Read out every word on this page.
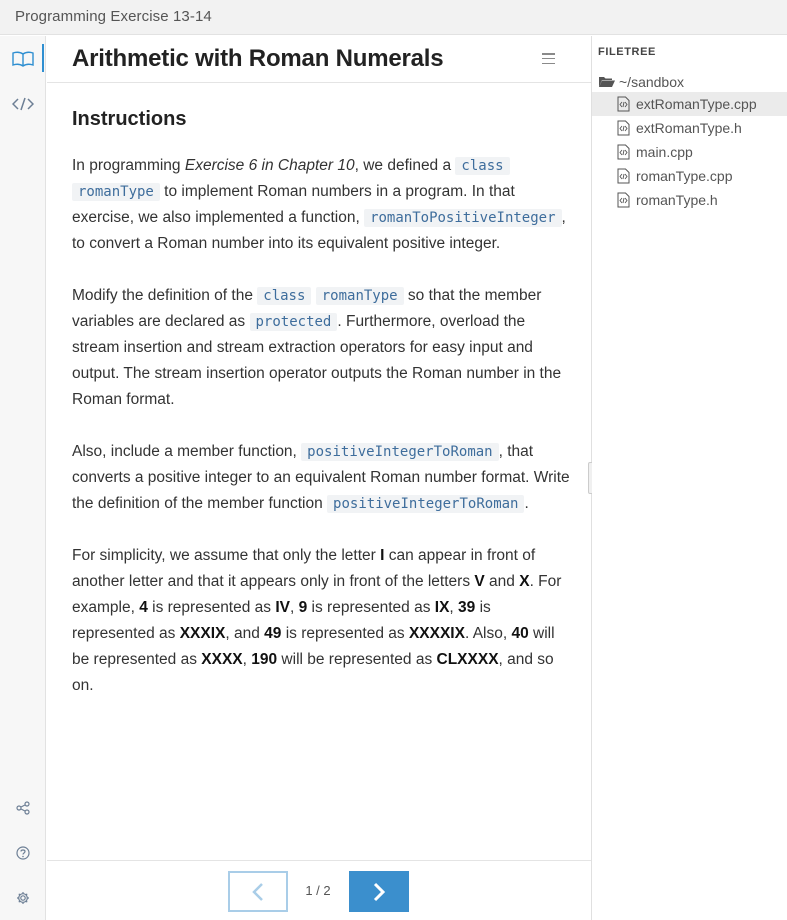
Programming Exercise 13-14
Arithmetic with Roman Numerals
Instructions

In programming Exercise 6 in Chapter 10, we defined a class romanType to implement Roman numbers in a program. In that exercise, we also implemented a function, romanToPositiveInteger , to convert a Roman number into its equivalent positive integer.

Modify the definition of the class romanType so that the member variables are declared as protected . Furthermore, overload the stream insertion and stream extraction operators for easy input and output. The stream insertion operator outputs the Roman number in the Roman format.

Also, include a member function, positiveIntegerToRoman , that converts a positive integer to an equivalent Roman number format. Write the definition of the member function positiveIntegerToRoman .

For simplicity, we assume that only the letter I can appear in front of another letter and that it appears only in front of the letters V and X. For example, 4 is represented as IV, 9 is represented as IX, 39 is represented as XXXIX, and 49 is represented as XXXXIX. Also, 40 will be represented as XXXX, 190 will be represented as CLXXXX, and so on.

1 / 2
FILETREE
~/sandbox
extRomanType.cpp
extRomanType.h
main.cpp
romanType.cpp
romanType.h
